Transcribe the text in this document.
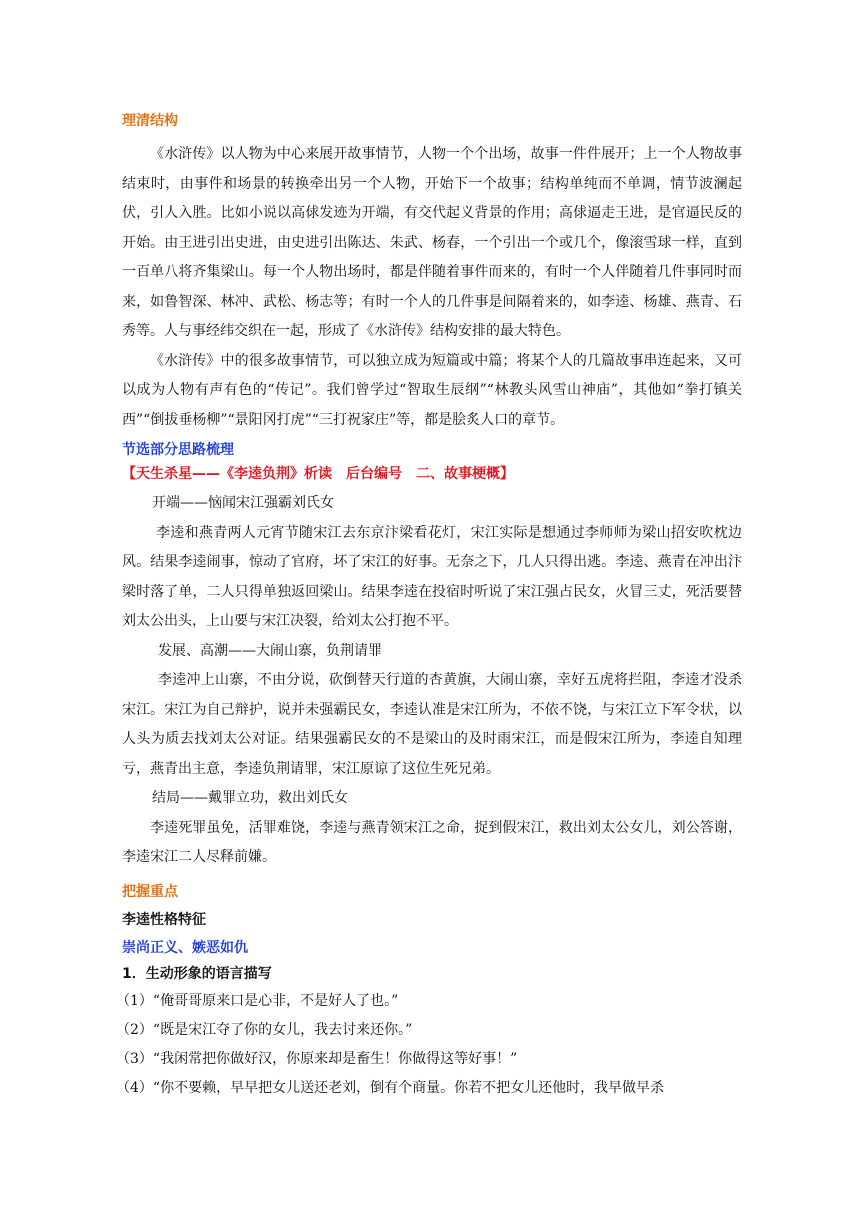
理清结构

《水浒传》以人物为中心来展开故事情节，人物一个个出场，故事一件件展开；上一个人物故事结束时，由事件和场景的转换牵出另一个人物，开始下一个故事；结构单纯而不单调，情节波澜起伏，引人入胜。比如小说以高俅发迹为开端，有交代起义背景的作用；高俅逼走王进，是官逼民反的开始。由王进引出史进，由史进引出陈达、朱武、杨春，一个引出一个或几个，像滚雪球一样，直到一百单八将齐集梁山。每一个人物出场时，都是伴随着事件而来的，有时一个人伴随着几件事同时而来，如鲁智深、林冲、武松、杨志等；有时一个人的几件事是间隔着来的，如李逵、杨雄、燕青、石秀等。人与事经纬交织在一起，形成了《水浒传》结构安排的最大特色。

《水浒传》中的很多故事情节，可以独立成为短篇或中篇；将某个人的几篇故事串连起来，又可以成为人物有声有色的“传记”。我们曾学过“智取生辰纲”“林教头风雪山神庙”，其他如“拳打镇关西”“倒拔垂杨柳”“景阳冈打虎”“三打祝家庄”等，都是脍炙人口的章节。

节选部分思路梳理
【天生杀星——《李逵负荆》析读　后台编号　二、故事梗概】

开端——恼闻宋江强霸刘氏女

李逵和燕青两人元宵节随宋江去东京汴梁看花灯，宋江实际是想通过李师师为梁山招安吹枕边风。结果李逵闹事，惊动了官府，坏了宋江的好事。无奈之下，几人只得出逃。李逵、燕青在冲出汴梁时落了单，二人只得单独返回梁山。结果李逵在投宿时听说了宋江强占民女，火冒三丈，死活要替刘太公出头，上山要与宋江决裂，给刘太公打抱不平。

发展、高潮——大闹山寨，负荆请罪

李逵冲上山寨，不由分说，砍倒替天行道的杏黄旗，大闹山寨，幸好五虎将拦阻，李逵才没杀宋江。宋江为自己辩护，说并未强霸民女，李逵认准是宋江所为，不依不饶，与宋江立下军令状，以人头为质去找刘太公对证。结果强霸民女的不是梁山的及时雨宋江，而是假宋江所为，李逵自知理亏，燕青出主意，李逵负荆请罪，宋江原谅了这位生死兄弟。

结局——戴罪立功，救出刘氏女

李逵死罪虽免，活罪难饶，李逵与燕青领宋江之命，捉到假宋江，救出刘太公女儿，刘公答谢，李逵宋江二人尽释前嫌。

把握重点
李逵性格特征
崇尚正义、嫉恶如仇
1．生动形象的语言描写

（1）“俺哥哥原来口是心非，不是好人了也。”

（2）“既是宋江夺了你的女儿，我去讨来还你。”

（3）“我闲常把你做好汉，你原来却是畜生！你做得这等好事！”

（4）“你不要赖，早早把女儿送还老刘，倒有个商量。你若不把女儿还他时，我早做早杀
